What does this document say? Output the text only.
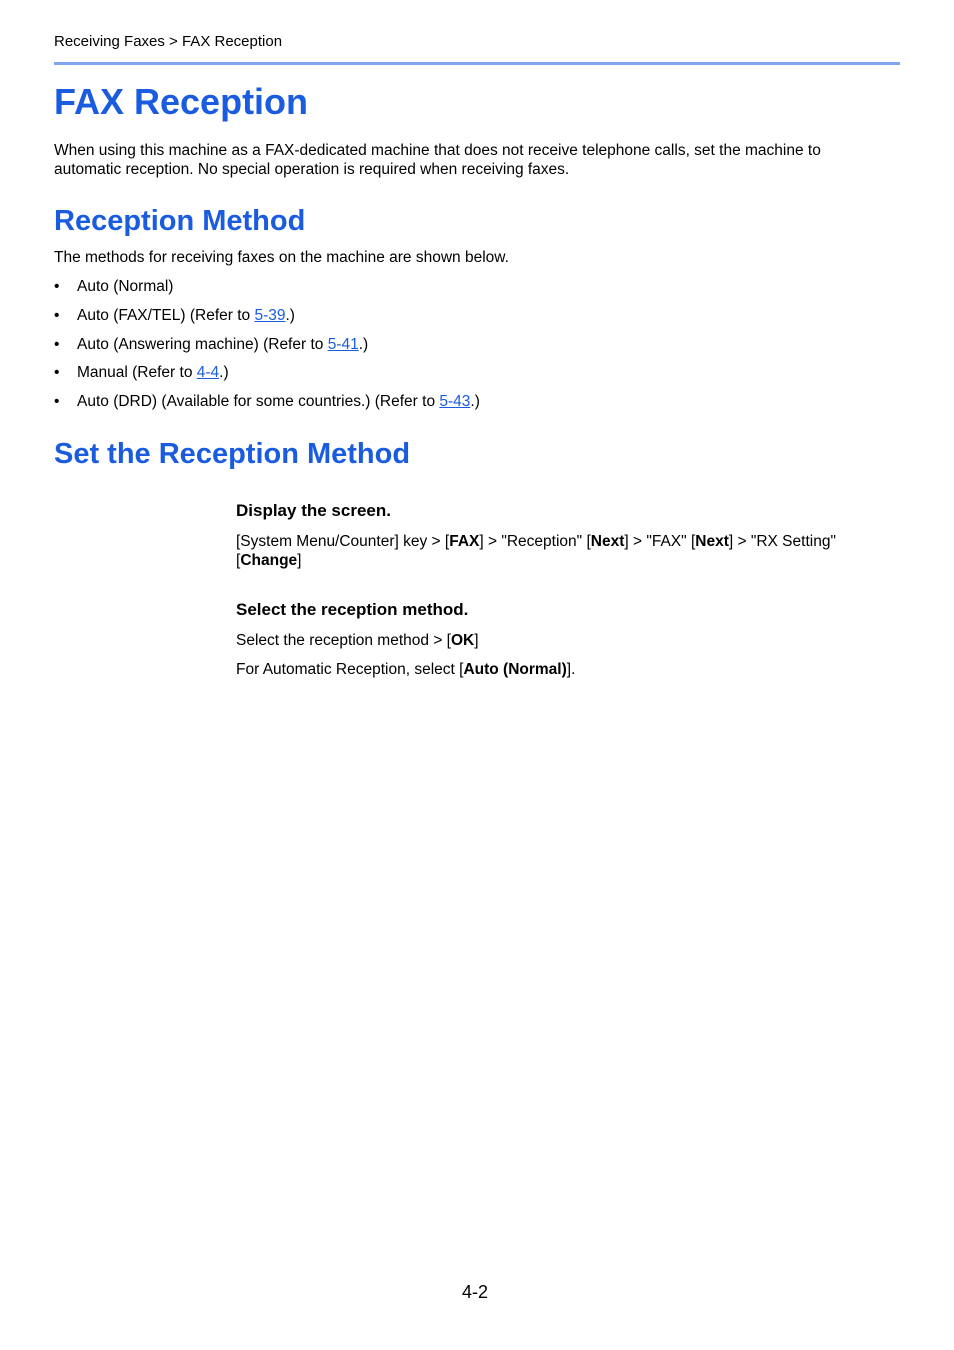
Receiving Faxes > FAX Reception
FAX Reception

When using this machine as a FAX-dedicated machine that does not receive telephone calls, set the machine to automatic reception. No special operation is required when receiving faxes.

Reception Method

The methods for receiving faxes on the machine are shown below.

• Auto (Normal)
• Auto (FAX/TEL) (Refer to 5-39.)
• Auto (Answering machine) (Refer to 5-41.)
• Manual (Refer to 4-4.)
• Auto (DRD) (Available for some countries.) (Refer to 5-43.)
Set the Reception Method
Display the screen.

[System Menu/Counter] key > [FAX] > "Reception" [Next] > "FAX" [Next] > "RX Setting" [Change]

Select the reception method.

Select the reception method > [OK]

For Automatic Reception, select [Auto (Normal)].

4-2
